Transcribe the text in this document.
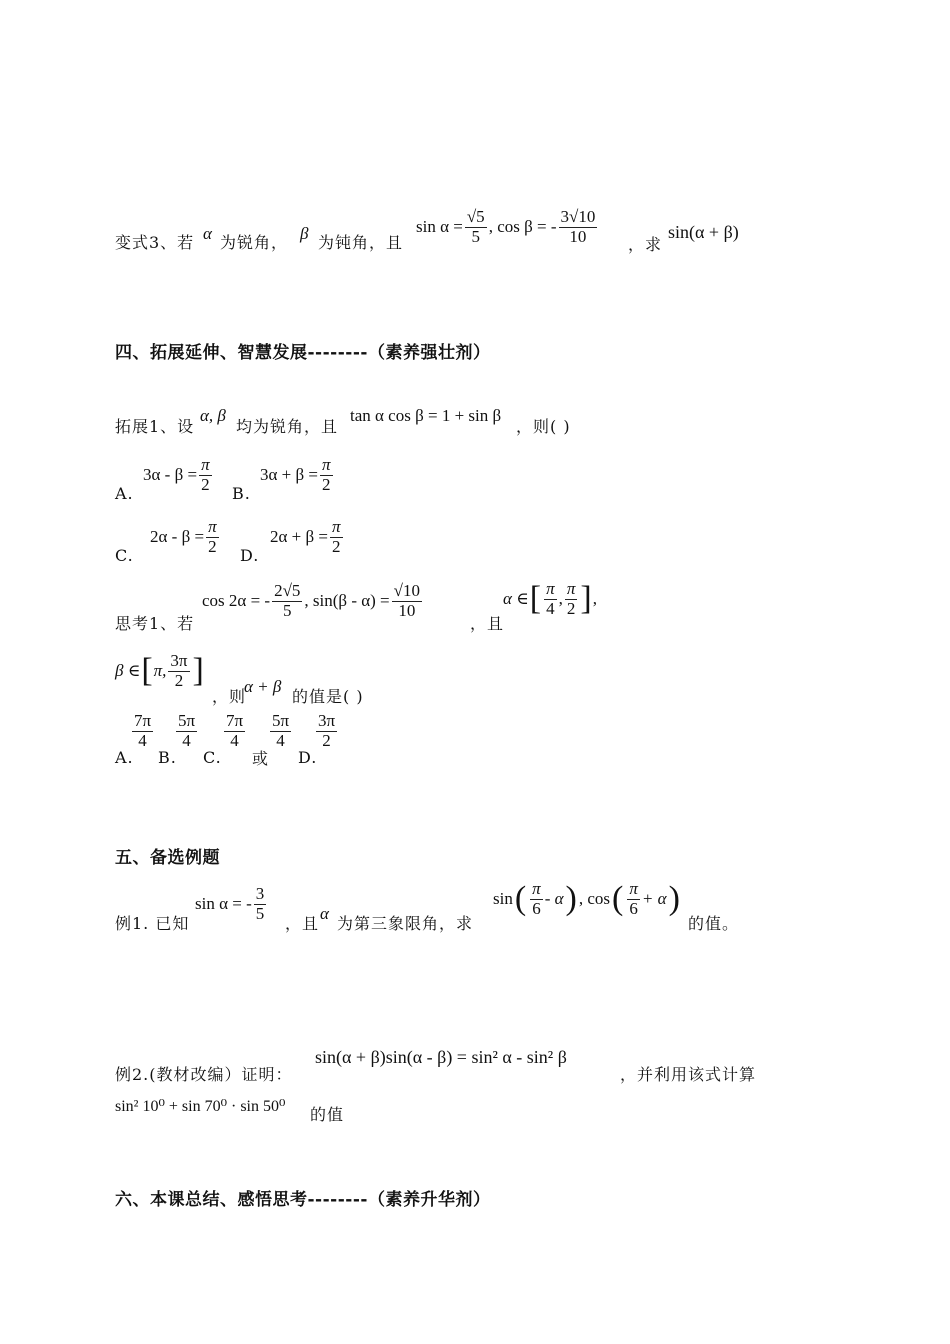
变式3、若 α 为锐角， β 为钝角，且
$\sin \alpha = \frac{√5}{5}$ , cos β = - $\frac{3√10}{10}$ ，求
sin(α + β)
四、拓展延伸、智慧发展--------（素养强壮剂）
拓展1、设
α, β
均为锐角，且
tan α cos β = 1 + sin β
，则( )
A.
$3\alpha - \beta = \frac{\pi}{2} B$.
$3\alpha + \beta = \frac{\pi}{2}$
C.
$2\alpha - \beta = \frac{\pi}{2} D$.
$2\alpha + \beta = \frac{\pi}{2}$
思考1、若
cos 2α = - $\frac{2√5}{5}$ , $\sin(\beta - \alpha) = \frac{√10}{10}$
，且
α ∈ [ $\frac{\pi}{4}$ , $\frac{\pi}{2}$ ] ,
β ∈ [ π, $\frac{3\pi}{2}$ ]
，则
α + β
的值是( )
A.
$\frac{7\pi}{4}$
B.
$\frac{5\pi}{4}$
C.
$\frac{7\pi}{4}$
或
$\frac{5\pi}{4}$
D.
$\frac{3\pi}{2}$
五、备选例题
例1. 已知
sin α = - $\frac{3}{5}$
，且
α
为第三象限角，求
sin ( $\frac{\pi}{6}$ - α ) , cos ( $\frac{\pi}{6} + \alpha$ )
的值。
例2.(教材改编）证明：
sin(α + β)sin(α - β) = sin² α - sin² β
，并利用该式计算
sin² 10⁰ + sin 70⁰ · sin 50⁰ 的值
六、本课总结、感悟思考--------（素养升华剂）
